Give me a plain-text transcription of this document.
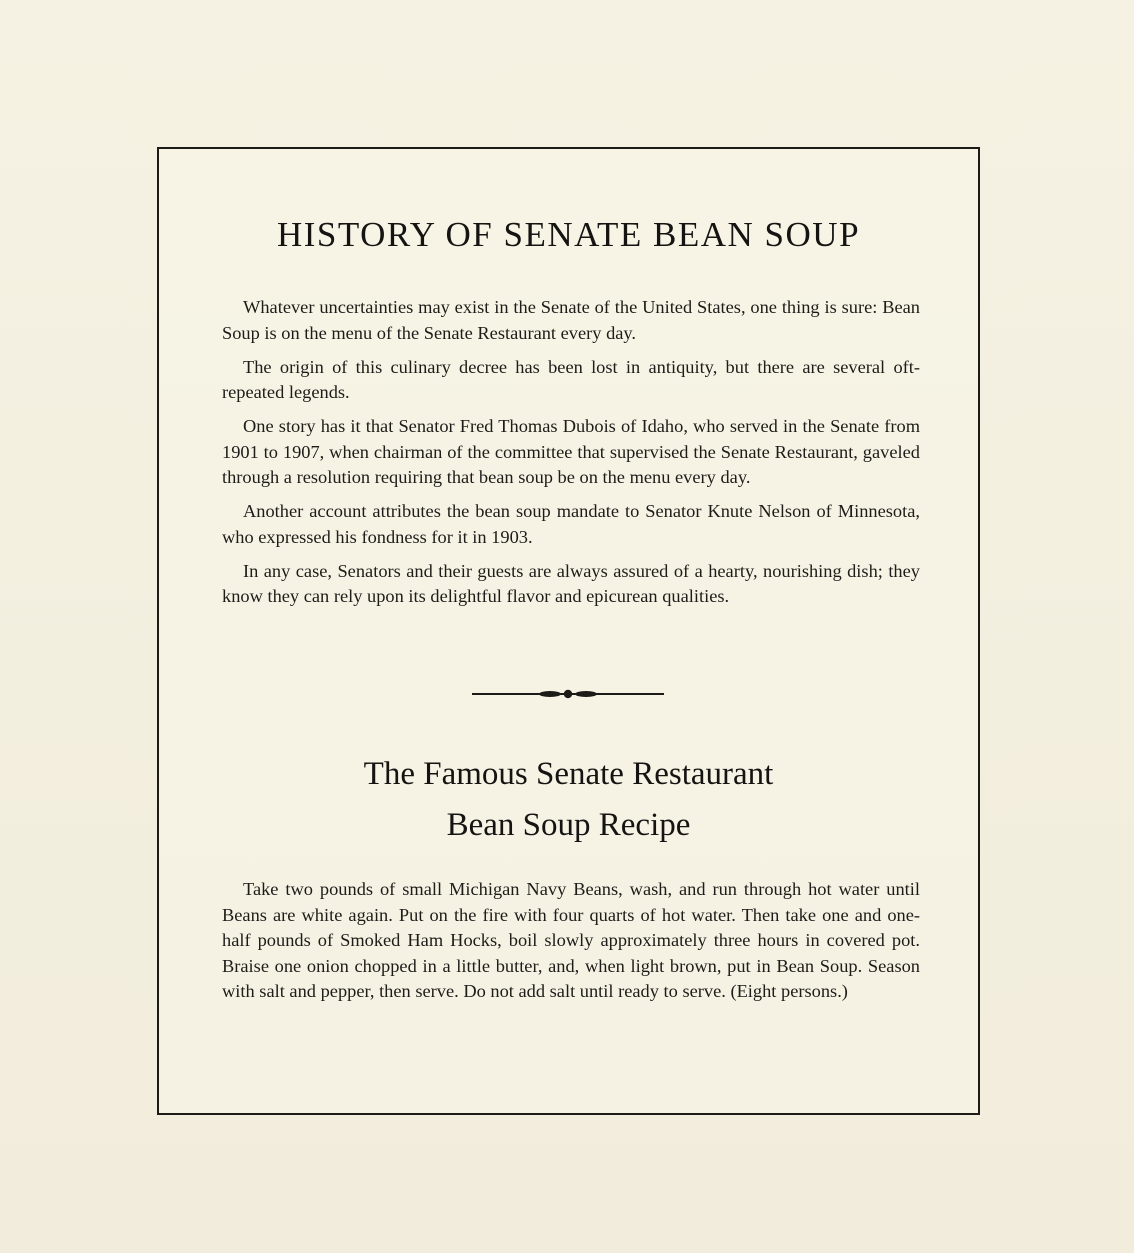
HISTORY OF SENATE BEAN SOUP

Whatever uncertainties may exist in the Senate of the United States, one thing is sure: Bean Soup is on the menu of the Senate Restaurant every day.

The origin of this culinary decree has been lost in antiquity, but there are several oft-repeated legends.

One story has it that Senator Fred Thomas Dubois of Idaho, who served in the Senate from 1901 to 1907, when chairman of the committee that supervised the Senate Restaurant, gaveled through a resolution requiring that bean soup be on the menu every day.

Another account attributes the bean soup mandate to Senator Knute Nelson of Minnesota, who expressed his fondness for it in 1903.

In any case, Senators and their guests are always assured of a hearty, nourishing dish; they know they can rely upon its delightful flavor and epicurean qualities.

The Famous Senate Restaurant
Bean Soup Recipe

Take two pounds of small Michigan Navy Beans, wash, and run through hot water until Beans are white again. Put on the fire with four quarts of hot water. Then take one and one-half pounds of Smoked Ham Hocks, boil slowly approximately three hours in covered pot. Braise one onion chopped in a little butter, and, when light brown, put in Bean Soup. Season with salt and pepper, then serve. Do not add salt until ready to serve. (Eight persons.)
